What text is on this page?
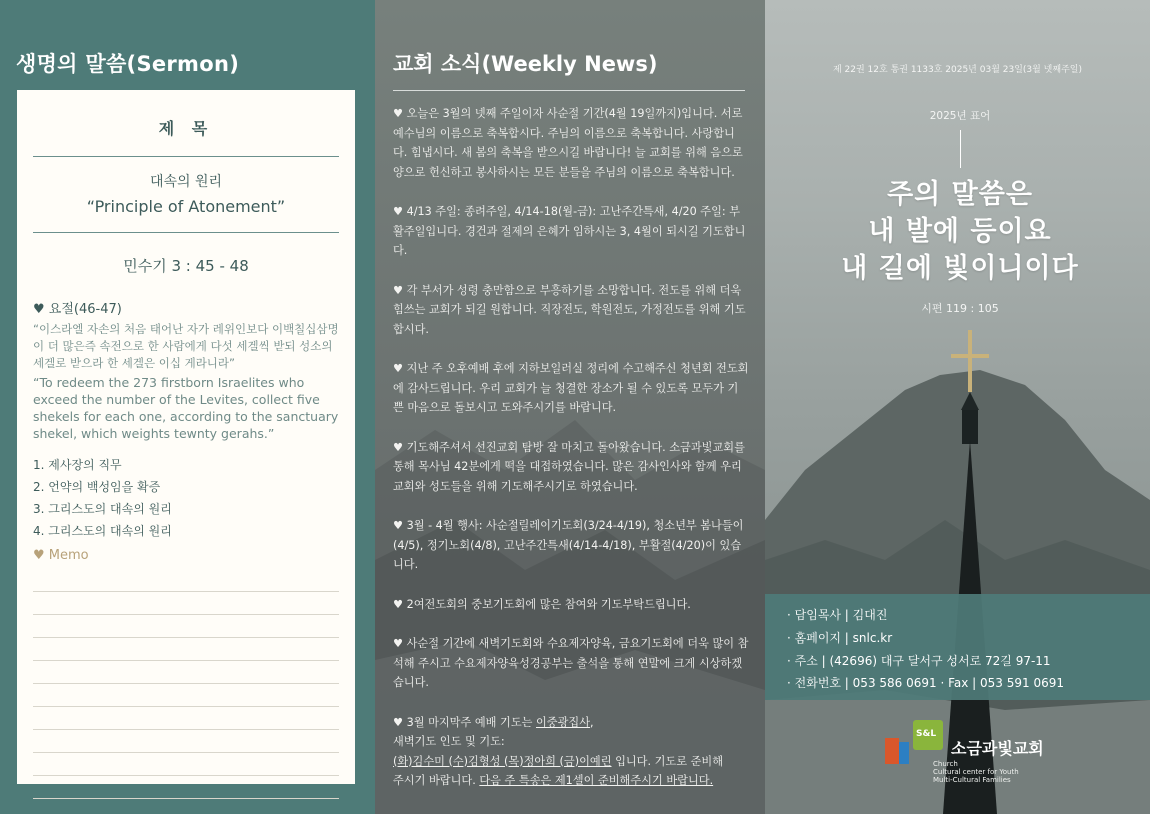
생명의 말씀(Sermon)
제 목
대속의 원리
“Principle of Atonement”
민수기 3 : 45 - 48
♥ 요절(46-47)
“이스라엘 자손의 처음 태어난 자가 레위인보다 이백칠십삼명이 더 많은즉 속전으로 한 사람에게 다섯 세겔씩 받되 성소의 세겔로 받으라 한 세겔은 이십 게라니라”
“To redeem the 273 firstborn Israelites who exceed the number of the Levites, collect five shekels for each one, according to the sanctuary shekel, which weights tewnty gerahs.”
1. 제사장의 직무
2. 언약의 백성임을 확증
3. 그리스도의 대속의 원리
4. 그리스도의 대속의 원리
♥ Memo
교회 소식(Weekly News)

♥ 오늘은 3월의 넷째 주일이자 사순절 기간(4월 19일까지)입니다. 서로 예수님의 이름으로 축복합시다. 주님의 이름으로 축복합니다. 사랑합니다. 힘냅시다. 새 봄의 축복을 받으시길 바랍니다! 늘 교회를 위해 음으로 양으로 헌신하고 봉사하시는 모든 분들을 주님의 이름으로 축복합니다.

♥ 4/13 주일: 종려주일, 4/14-18(월-금): 고난주간특새, 4/20 주일: 부활주일입니다. 경건과 절제의 은혜가 임하시는 3, 4월이 되시길 기도합니다.

♥ 각 부서가 성령 충만함으로 부흥하기를 소망합니다. 전도를 위해 더욱 힘쓰는 교회가 되길 원합니다. 직장전도, 학원전도, 가정전도를 위해 기도합시다.

♥ 지난 주 오후예배 후에 지하보일러실 정리에 수고해주신 청년회 전도회에 감사드립니다. 우리 교회가 늘 청결한 장소가 될 수 있도록 모두가 기쁜 마음으로 돌보시고 도와주시기를 바랍니다.

♥ 기도해주셔서 선진교회 탐방 잘 마치고 돌아왔습니다. 소금과빛교회를 통해 목사님 42분에게 떡을 대접하였습니다. 많은 감사인사와 함께 우리 교회와 성도들을 위해 기도해주시기로 하였습니다.

♥ 3월 - 4월 행사: 사순절릴레이기도회(3/24-4/19), 청소년부 봄나들이(4/5), 정기노회(4/8), 고난주간특새(4/14-4/18), 부활절(4/20)이 있습니다.

♥ 2여전도회의 중보기도회에 많은 참여와 기도부탁드립니다.

♥ 사순절 기간에 새벽기도회와 수요제자양육, 금요기도회에 더욱 많이 참석해 주시고 수요제자양육성경공부는 출석을 통해 연말에 크게 시상하겠습니다.

♥ 3월 마지막주 예배 기도는 이중광집사,
새벽기도 인도 및 기도:
(화)김수미 (수)김형성 (목)정아희 (금)이예린 입니다. 기도로 준비해
주시기 바랍니다. 다음 주 특송은 제1셀이 준비해주시기 바랍니다.

제 22권 12호 통권 1133호 2025년 03월 23일(3월 넷째주일)
2025년 표어
주의 말씀은
내 발에 등이요
내 길에 빛이니이다
시편 119 : 105
· 담임목사 | 김대진
· 홈페이지 | snlc.kr
· 주소 | (42696) 대구 달서구 성서로 72길 97-11
· 전화번호 | 053 586 0691 · Fax | 053 591 0691
S&L
소금과빛교회
Church
Cultural center for Youth
Multi-Cultural Families
